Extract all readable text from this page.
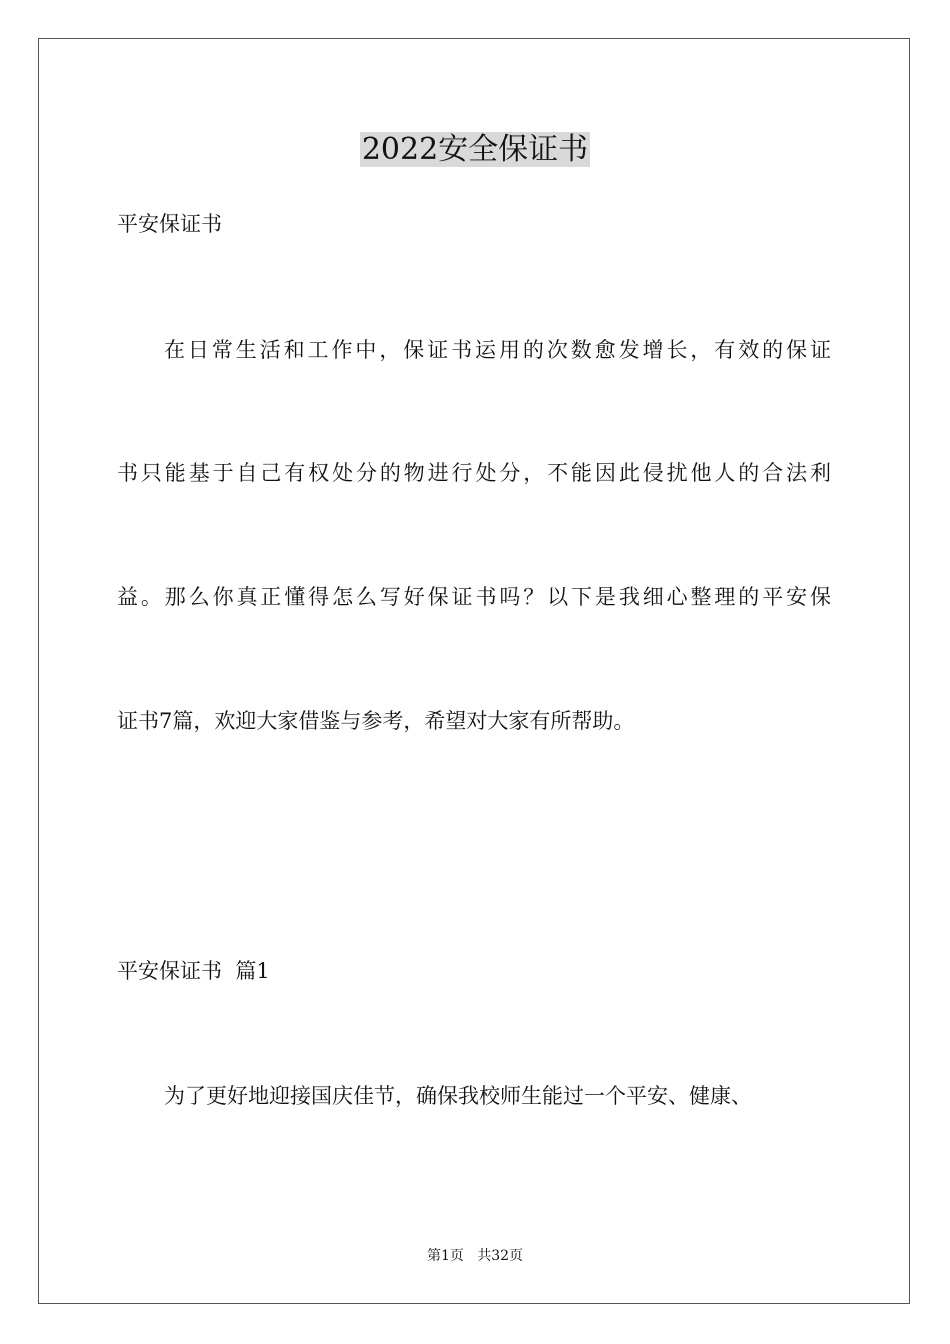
2022安全保证书

平安保证书

在日常生活和工作中，保证书运用的次数愈发增长，有效的保证

书只能基于自己有权处分的物进行处分，不能因此侵扰他人的合法利

益。那么你真正懂得怎么写好保证书吗？以下是我细心整理的平安保

证书7篇，欢迎大家借鉴与参考，希望对大家有所帮助。

平安保证书  篇1

为了更好地迎接国庆佳节，确保我校师生能过一个平安、健康、

第1页   共32页
